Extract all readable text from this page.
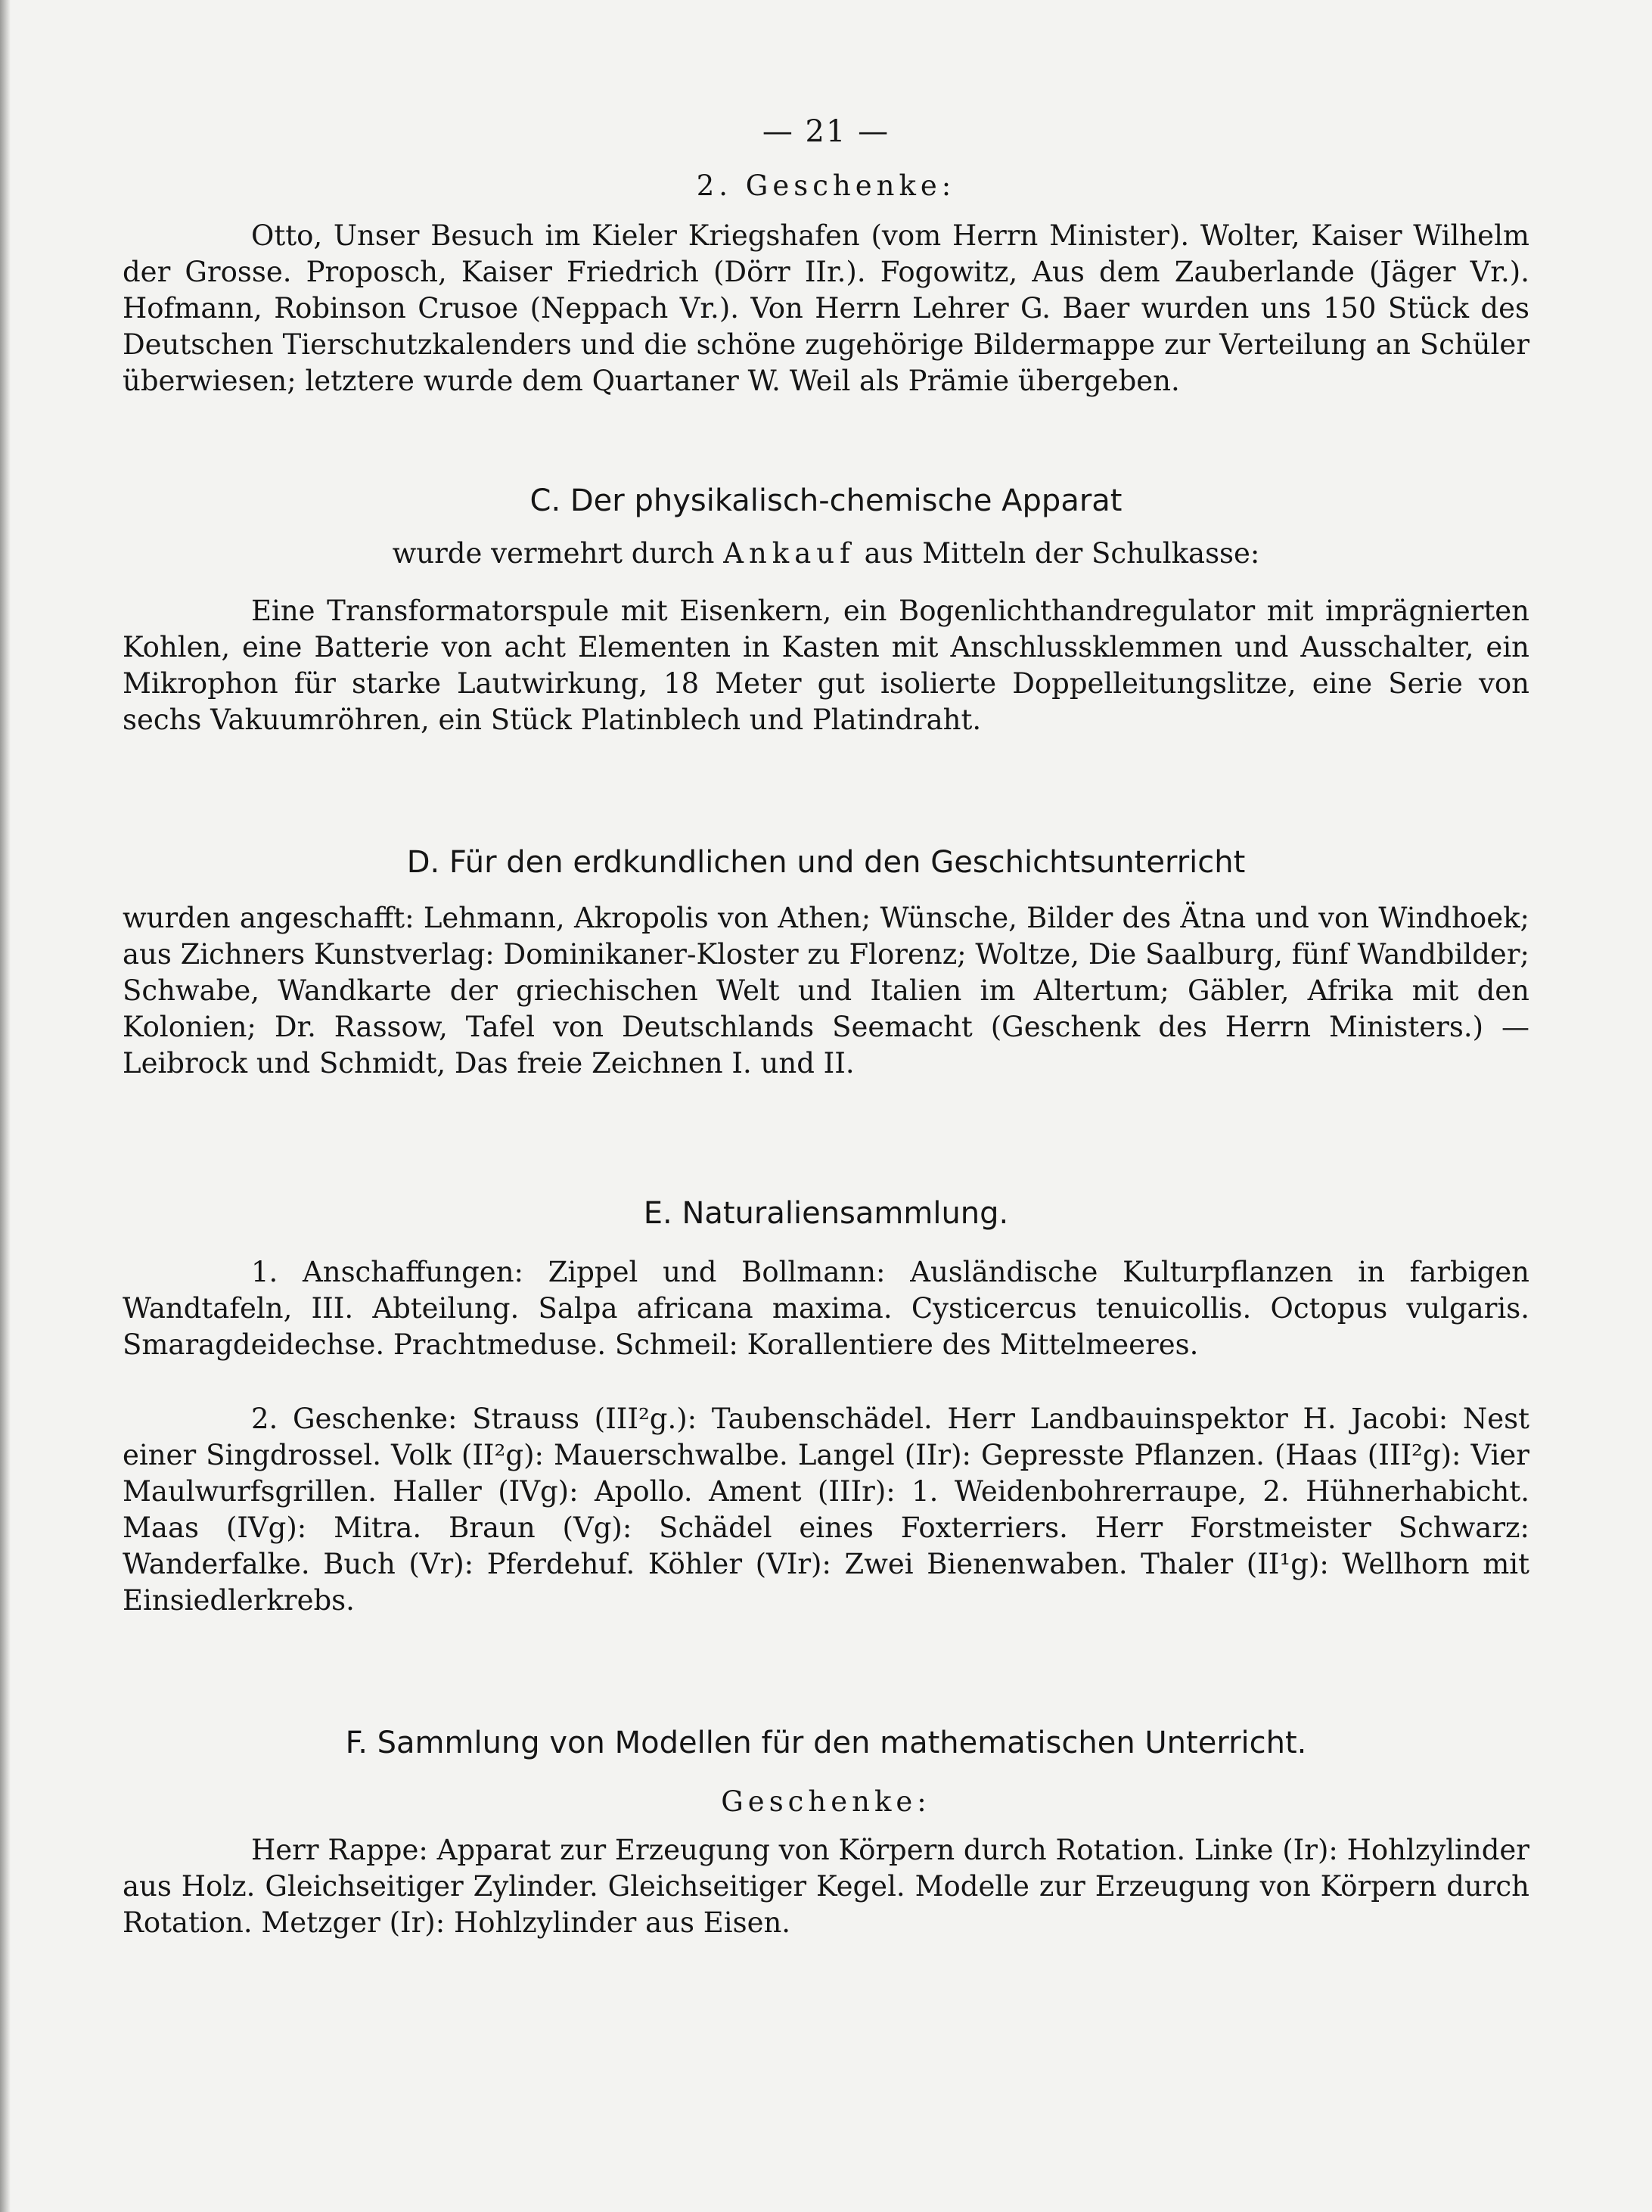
— 21 —
2. Geschenke:

Otto, Unser Besuch im Kieler Kriegshafen (vom Herrn Minister). Wolter, Kaiser Wilhelm der Grosse. Proposch, Kaiser Friedrich (Dörr IIr.). Fogowitz, Aus dem Zauberlande (Jäger Vr.). Hofmann, Robinson Crusoe (Neppach Vr.). Von Herrn Lehrer G. Baer wurden uns 150 Stück des Deutschen Tierschutzkalenders und die schöne zugehörige Bildermappe zur Verteilung an Schüler überwiesen; letztere wurde dem Quartaner W. Weil als Prämie übergeben.

C. Der physikalisch-chemische Apparat
wurde vermehrt durch Ankauf aus Mitteln der Schulkasse:

Eine Transformatorspule mit Eisenkern, ein Bogenlichthandregulator mit imprägnierten Kohlen, eine Batterie von acht Elementen in Kasten mit Anschlussklemmen und Ausschalter, ein Mikrophon für starke Lautwirkung, 18 Meter gut isolierte Doppelleitungslitze, eine Serie von sechs Vakuumröhren, ein Stück Platinblech und Platindraht.

D. Für den erdkundlichen und den Geschichtsunterricht

wurden angeschafft: Lehmann, Akropolis von Athen; Wünsche, Bilder des Ätna und von Windhoek; aus Zichners Kunstverlag: Dominikaner-Kloster zu Florenz; Woltze, Die Saalburg, fünf Wandbilder; Schwabe, Wandkarte der griechischen Welt und Italien im Altertum; Gäbler, Afrika mit den Kolonien; Dr. Rassow, Tafel von Deutschlands Seemacht (Geschenk des Herrn Ministers.) — Leibrock und Schmidt, Das freie Zeichnen I. und II.

E. Naturaliensammlung.

1. Anschaffungen: Zippel und Bollmann: Ausländische Kulturpflanzen in farbigen Wandtafeln, III. Abteilung. Salpa africana maxima. Cysticercus tenuicollis. Octopus vulgaris. Smaragdeidechse. Prachtmeduse. Schmeil: Korallentiere des Mittelmeeres.

2. Geschenke: Strauss (III²g.): Taubenschädel. Herr Landbauinspektor H. Jacobi: Nest einer Singdrossel. Volk (II²g): Mauerschwalbe. Langel (IIr): Gepresste Pflanzen. (Haas (III²g): Vier Maulwurfsgrillen. Haller (IVg): Apollo. Ament (IIIr): 1. Weidenbohrerraupe, 2. Hühnerhabicht. Maas (IVg): Mitra. Braun (Vg): Schädel eines Foxterriers. Herr Forstmeister Schwarz: Wanderfalke. Buch (Vr): Pferdehuf. Köhler (VIr): Zwei Bienenwaben. Thaler (II¹g): Wellhorn mit Einsiedlerkrebs.

F. Sammlung von Modellen für den mathematischen Unterricht.
Geschenke:

Herr Rappe: Apparat zur Erzeugung von Körpern durch Rotation. Linke (Ir): Hohlzylinder aus Holz. Gleichseitiger Zylinder. Gleichseitiger Kegel. Modelle zur Erzeugung von Körpern durch Rotation. Metzger (Ir): Hohlzylinder aus Eisen.
